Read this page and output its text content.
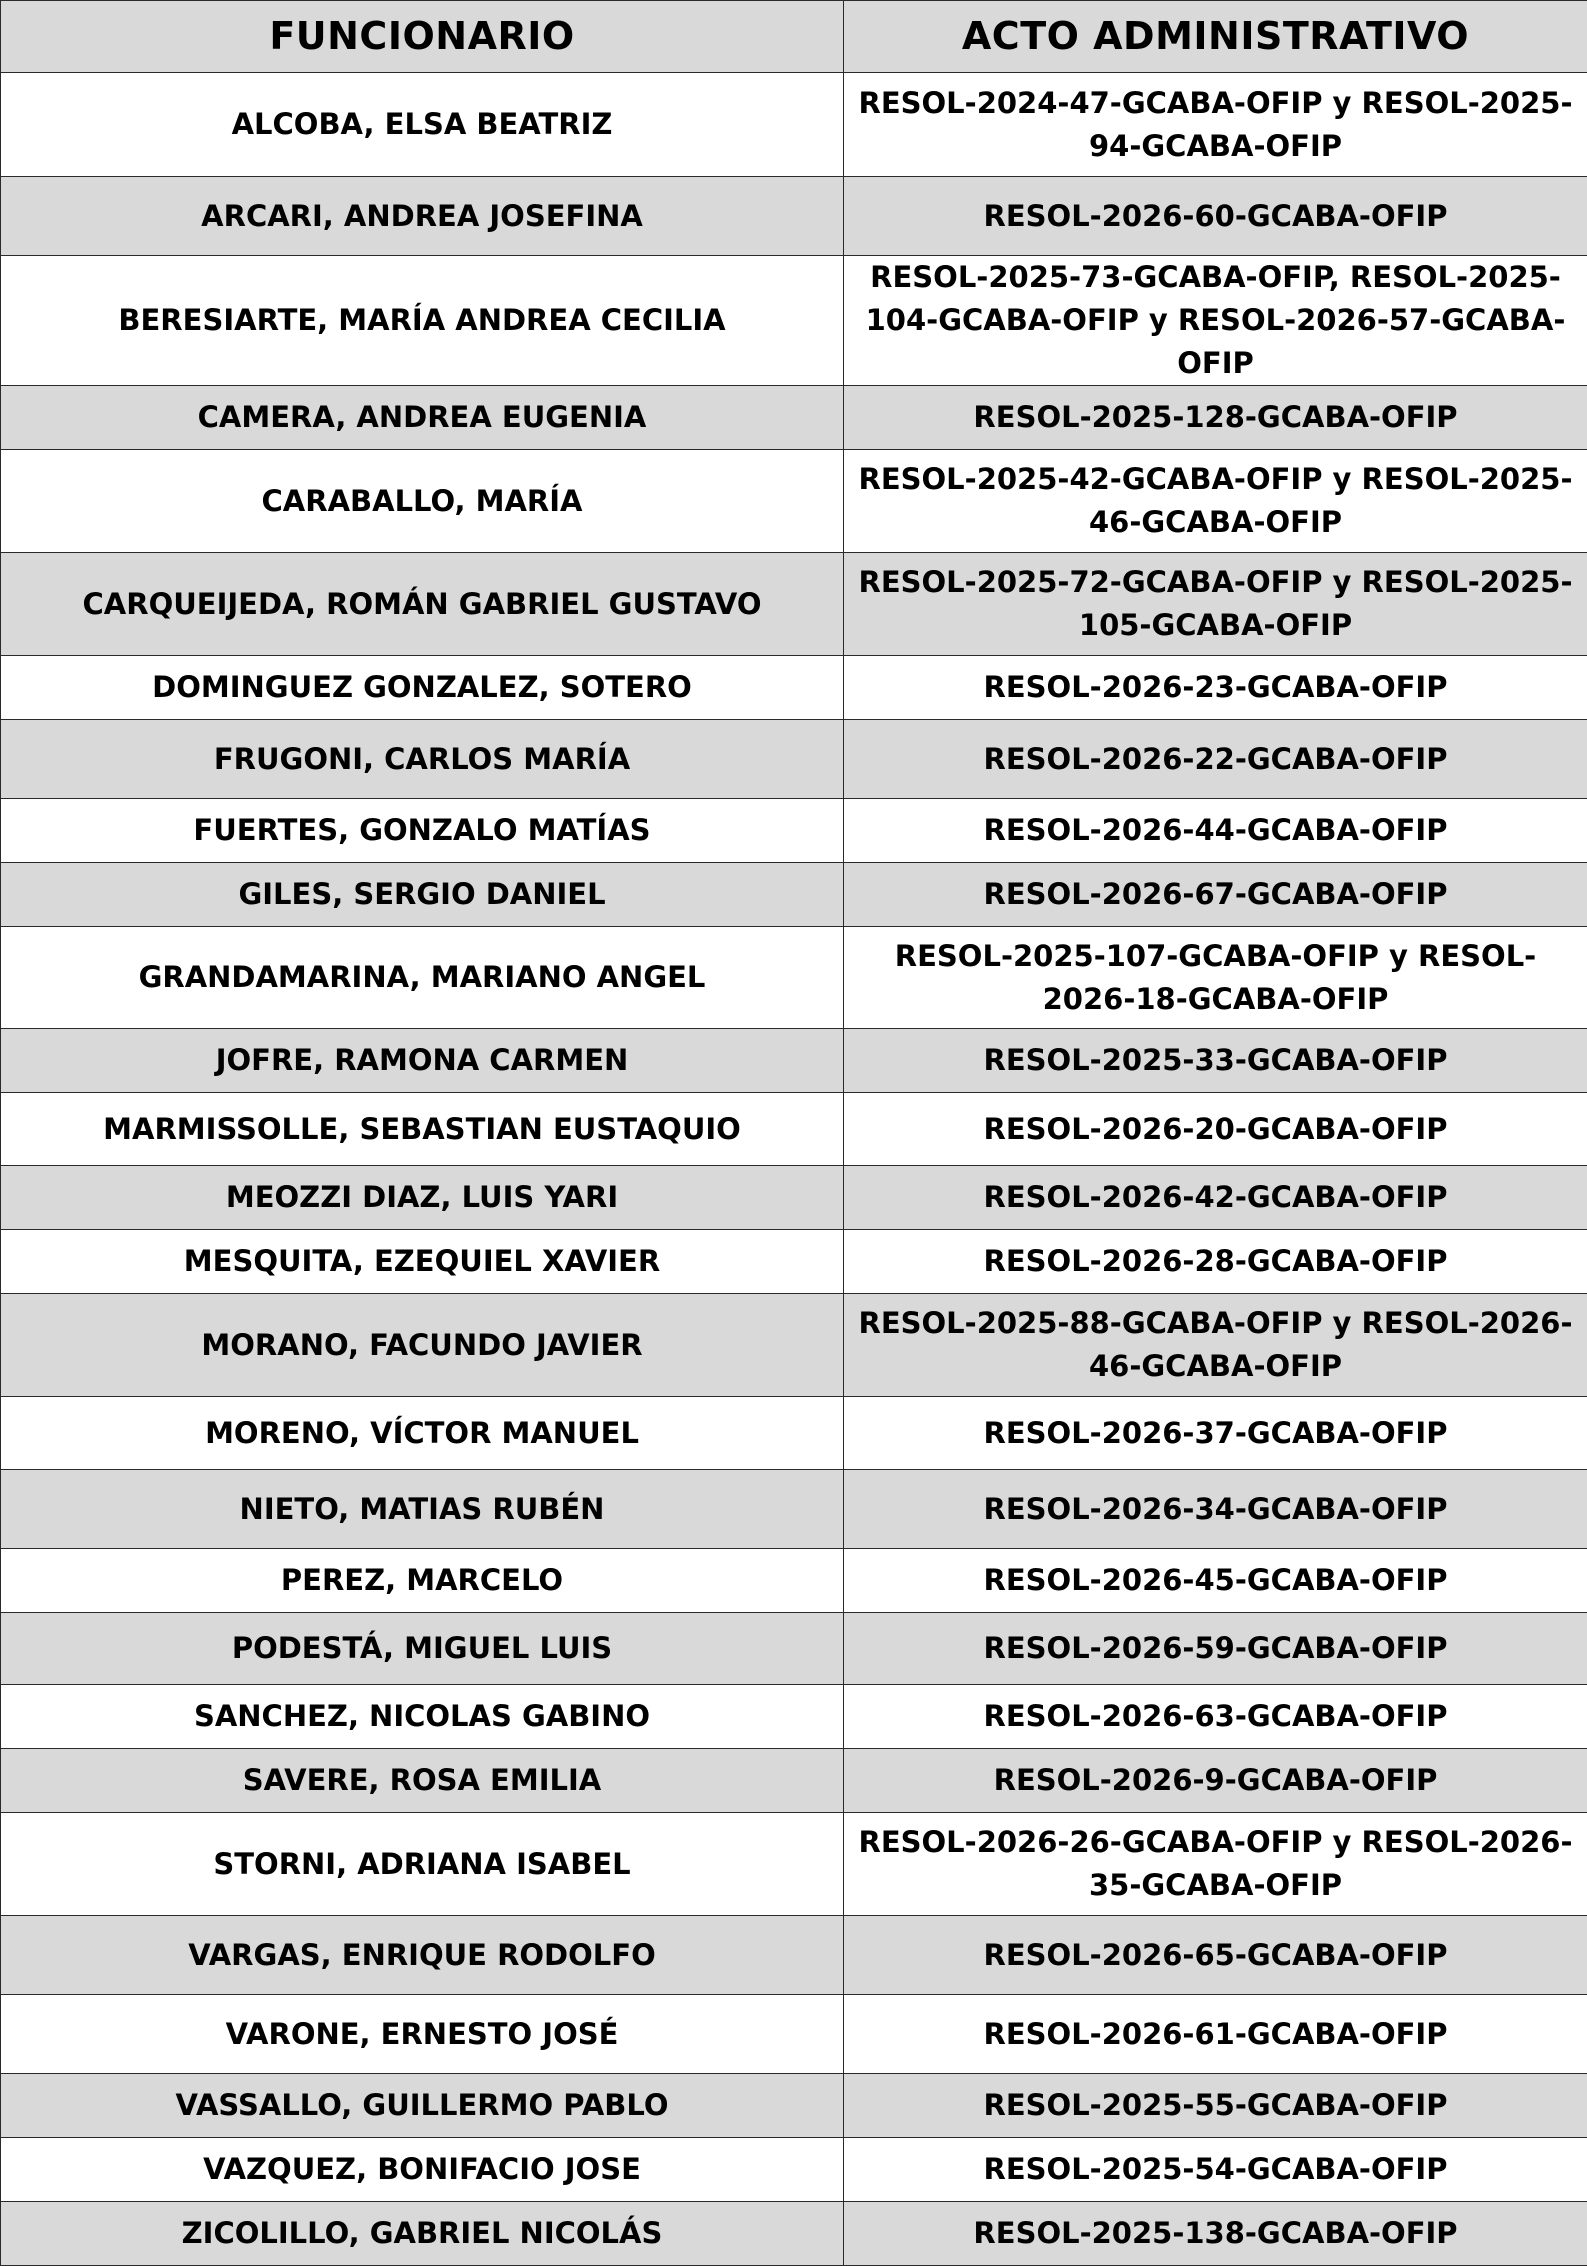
FUNCIONARIO	ACTO ADMINISTRATIVO
ALCOBA, ELSA BEATRIZ	RESOL-2024-47-GCABA-OFIP y RESOL-2025-94-GCABA-OFIP
ARCARI, ANDREA JOSEFINA	RESOL-2026-60-GCABA-OFIP
BERESIARTE, MARÍA ANDREA CECILIA	RESOL-2025-73-GCABA-OFIP, RESOL-2025-104-GCABA-OFIP y RESOL-2026-57-GCABA-OFIP
CAMERA, ANDREA EUGENIA	RESOL-2025-128-GCABA-OFIP
CARABALLO, MARÍA	RESOL-2025-42-GCABA-OFIP y RESOL-2025-46-GCABA-OFIP
CARQUEIJEDA, ROMÁN GABRIEL GUSTAVO	RESOL-2025-72-GCABA-OFIP y RESOL-2025-105-GCABA-OFIP
DOMINGUEZ GONZALEZ, SOTERO	RESOL-2026-23-GCABA-OFIP
FRUGONI, CARLOS MARÍA	RESOL-2026-22-GCABA-OFIP
FUERTES, GONZALO MATÍAS	RESOL-2026-44-GCABA-OFIP
GILES, SERGIO DANIEL	RESOL-2026-67-GCABA-OFIP
GRANDAMARINA, MARIANO ANGEL	RESOL-2025-107-GCABA-OFIP y RESOL-2026-18-GCABA-OFIP
JOFRE, RAMONA CARMEN	RESOL-2025-33-GCABA-OFIP
MARMISSOLLE, SEBASTIAN EUSTAQUIO	RESOL-2026-20-GCABA-OFIP
MEOZZI DIAZ, LUIS YARI	RESOL-2026-42-GCABA-OFIP
MESQUITA, EZEQUIEL XAVIER	RESOL-2026-28-GCABA-OFIP
MORANO, FACUNDO JAVIER	RESOL-2025-88-GCABA-OFIP y RESOL-2026-46-GCABA-OFIP
MORENO, VÍCTOR MANUEL	RESOL-2026-37-GCABA-OFIP
NIETO, MATIAS RUBÉN	RESOL-2026-34-GCABA-OFIP
PEREZ, MARCELO	RESOL-2026-45-GCABA-OFIP
PODESTÁ, MIGUEL LUIS	RESOL-2026-59-GCABA-OFIP
SANCHEZ, NICOLAS GABINO	RESOL-2026-63-GCABA-OFIP
SAVERE, ROSA EMILIA	RESOL-2026-9-GCABA-OFIP
STORNI, ADRIANA ISABEL	RESOL-2026-26-GCABA-OFIP y RESOL-2026-35-GCABA-OFIP
VARGAS, ENRIQUE RODOLFO	RESOL-2026-65-GCABA-OFIP
VARONE, ERNESTO JOSÉ	RESOL-2026-61-GCABA-OFIP
VASSALLO, GUILLERMO PABLO	RESOL-2025-55-GCABA-OFIP
VAZQUEZ, BONIFACIO JOSE	RESOL-2025-54-GCABA-OFIP
ZICOLILLO, GABRIEL NICOLÁS	RESOL-2025-138-GCABA-OFIP
